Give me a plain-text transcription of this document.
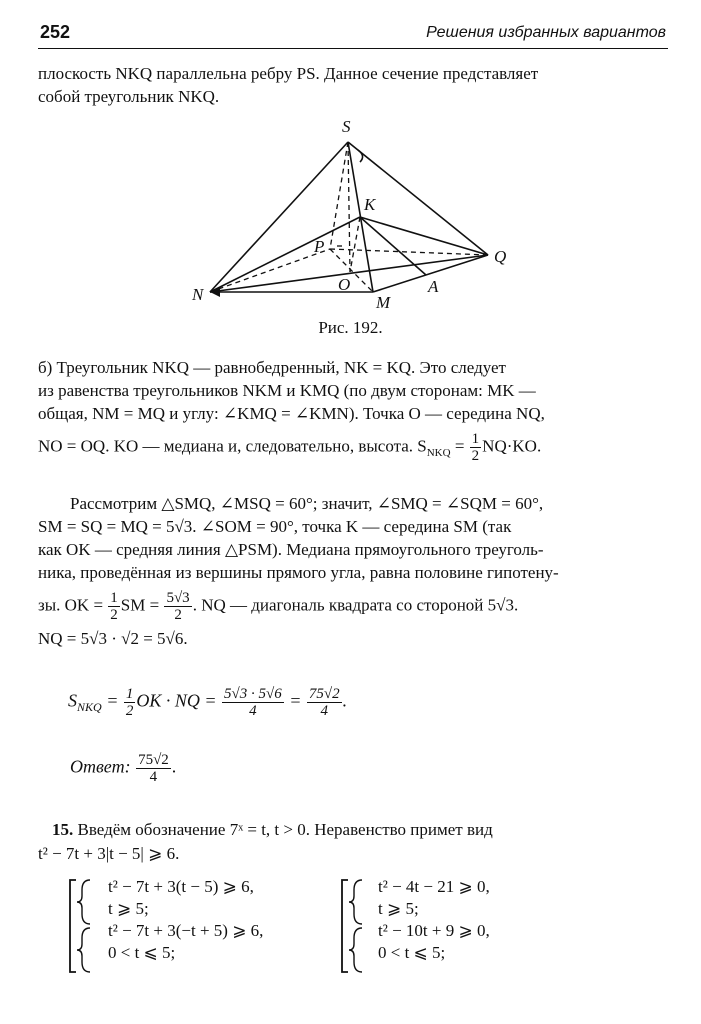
252	Решения избранных вариантов
плоскость NKQ параллельна ребру PS. Данное сечение представляет
собой треугольник NKQ.
S
K
P
Q
N
O
M
A
Рис. 192.
б) Треугольник NKQ — равнобедренный, NK = KQ. Это следует
из равенства треугольников NKM и KMQ (по двум сторонам: MK —
общая, NM = MQ и углу: ∠KMQ = ∠KMN). Точка O — середина NQ,
NO = OQ. KO — медиана и, следовательно, высота. $S_{NKQ} = \frac{1}{2} NQ\cdot KO$.
Рассмотрим △SMQ, ∠MSQ = 60°; значит, ∠SMQ = ∠SQM = 60°,
SM = SQ = MQ = 5√3. ∠SOM = 90°, точка K — середина SM (так
как OK — средняя линия △PSM). Медиана прямоугольного треуголь-
ника, проведённая из вершины прямого угла, равна половине гипотену-
зы. OK = $\frac{1}{2}$ SM = $\frac{5√3}{2}$ . NQ — диагональ квадрата со стороной 5√3.
NQ = 5√3 · √2 = 5√6.
$S_{NKQ} = \frac{1}{2}$ OK · NQ = $\frac{5√3 \cdot 5√6}{4} = \frac{75√2}{4}$ .
Ответ: $\frac{75√2}{4}$ .
15. Введём обозначение 7ˣ = t, t > 0. Неравенство примет вид
t² − 7t + 3|t − 5| ⩾ 6.
t² − 7t + 3(t − 5) ⩾ 6,
t ⩾ 5;
t² − 7t + 3(−t + 5) ⩾ 6,
0 < t ⩽ 5;
t² − 4t − 21 ⩾ 0,
t ⩾ 5;
t² − 10t + 9 ⩾ 0,
0 < t ⩽ 5;
